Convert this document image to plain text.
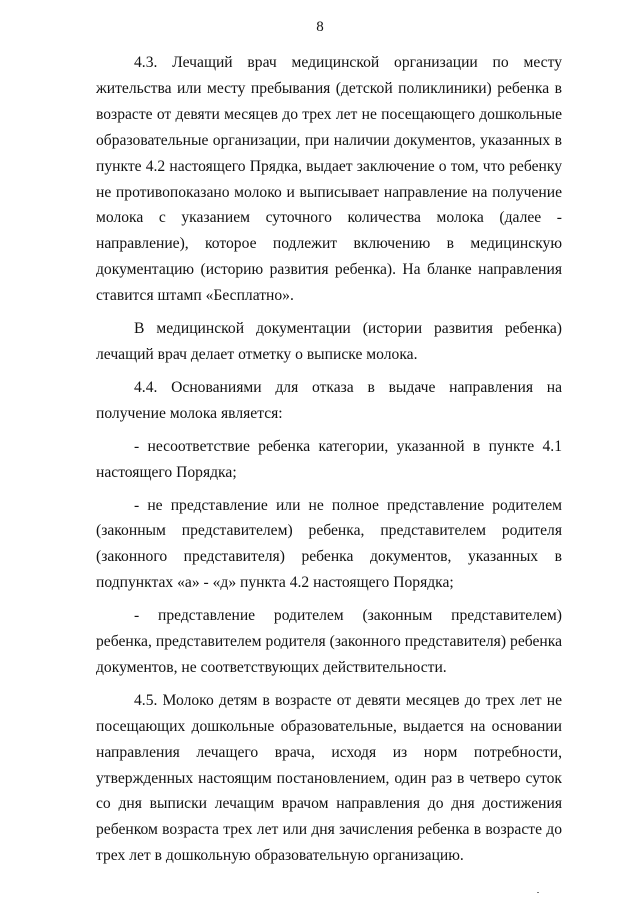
8

4.3. Лечащий врач медицинской организации по месту жительства или месту пребывания (детской поликлиники) ребенка в возрасте от девяти месяцев до трех лет не посещающего дошкольные образовательные организации, при наличии документов, указанных в пункте 4.2 настоящего Прядка, выдает заключение о том, что ребенку не противопоказано молоко и выписывает направление на получение молока с указанием суточного количества молока (далее - направление), которое подлежит включению в медицинскую документацию (историю развития ребенка). На бланке направления ставится штамп «Бесплатно».

В медицинской документации (истории развития ребенка) лечащий врач делает отметку о выписке молока.

4.4. Основаниями для отказа в выдаче направления на получение молока является:

- несоответствие ребенка категории, указанной в пункте 4.1 настоящего Порядка;

- не представление или не полное представление родителем (законным представителем) ребенка, представителем родителя (законного представителя) ребенка документов, указанных в подпунктах «а» - «д» пункта 4.2 настоящего Порядка;

- представление родителем (законным представителем) ребенка, представителем родителя (законного представителя) ребенка документов, не соответствующих действительности.

4.5. Молоко детям в возрасте от девяти месяцев до трех лет не посещающих дошкольные образовательные, выдается на основании направления лечащего врача, исходя из норм потребности, утвержденных настоящим постановлением, один раз в четверо суток со дня выписки лечащим врачом направления до дня достижения ребенком возраста трех лет или дня зачисления ребенка в возрасте до трех лет в дошкольную образовательную организацию.
